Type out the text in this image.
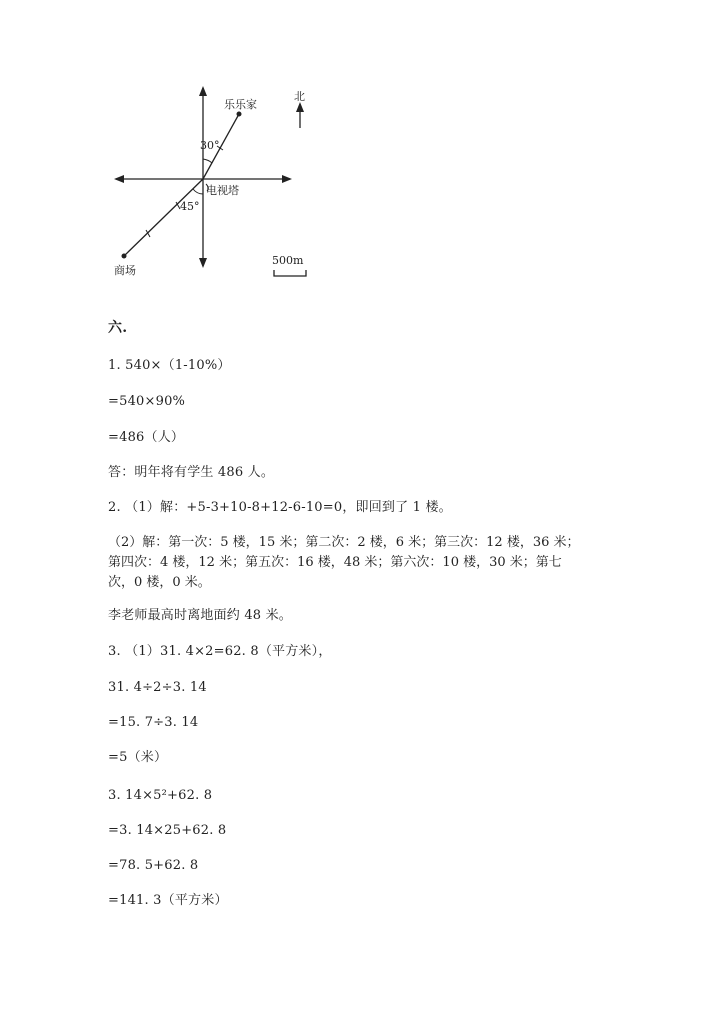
乐乐家
北
30°
电视塔
45°
500m
商场
六.
1. 540×（1-10%）
=540×90%
=486（人）
答：明年将有学生 486 人。
2. （1）解：+5-3+10-8+12-6-10=0，即回到了 1 楼。
（2）解：第一次：5 楼，15 米；第二次：2 楼，6 米；第三次：12 楼，36 米；
第四次：4 楼，12 米；第五次：16 楼，48 米；第六次：10 楼，30 米；第七
次，0 楼，0 米。
李老师最高时离地面约 48 米。
3. （1）31. 4×2=62. 8（平方米），
31. 4÷2÷3. 14
=15. 7÷3. 14
=5（米）
3. 14×5²+62. 8
=3. 14×25+62. 8
=78. 5+62. 8
=141. 3（平方米）
